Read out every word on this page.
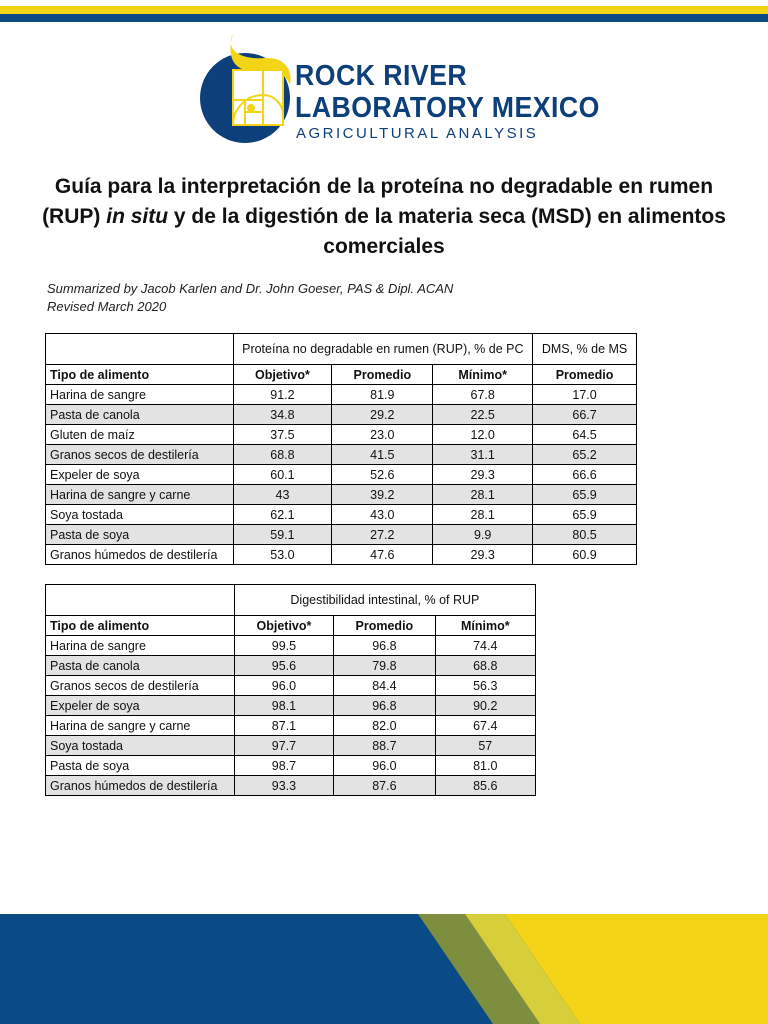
ROCK RIVER
LABORATORY MEXICO
AGRICULTURAL ANALYSIS
Guía para la interpretación de la proteína no degradable en rumen (RUP) in situ y de la digestión de la materia seca (MSD) en alimentos comerciales
Summarized by Jacob Karlen and Dr. John Goeser, PAS & Dipl. ACAN
Revised March 2020
	Proteína no degradable en rumen (RUP), % de PC			DMS, % de MS
Tipo de alimento	Objetivo*	Promedio	Mínimo*	Promedio
Harina de sangre	91.2	81.9	67.8	17.0
Pasta de canola	34.8	29.2	22.5	66.7
Gluten de maíz	37.5	23.0	12.0	64.5
Granos secos de destilería	68.8	41.5	31.1	65.2
Expeler de soya	60.1	52.6	29.3	66.6
Harina de sangre y carne	43	39.2	28.1	65.9
Soya tostada	62.1	43.0	28.1	65.9
Pasta de soya	59.1	27.2	9.9	80.5
Granos húmedos de destilería	53.0	47.6	29.3	60.9
	Digestibilidad intestinal, % of RUP		
Tipo de alimento	Objetivo*	Promedio	Mínimo*
Harina de sangre	99.5	96.8	74.4
Pasta de canola	95.6	79.8	68.8
Granos secos de destilería	96.0	84.4	56.3
Expeler de soya	98.1	96.8	90.2
Harina de sangre y carne	87.1	82.0	67.4
Soya tostada	97.7	88.7	57
Pasta de soya	98.7	96.0	81.0
Granos húmedos de destilería	93.3	87.6	85.6
